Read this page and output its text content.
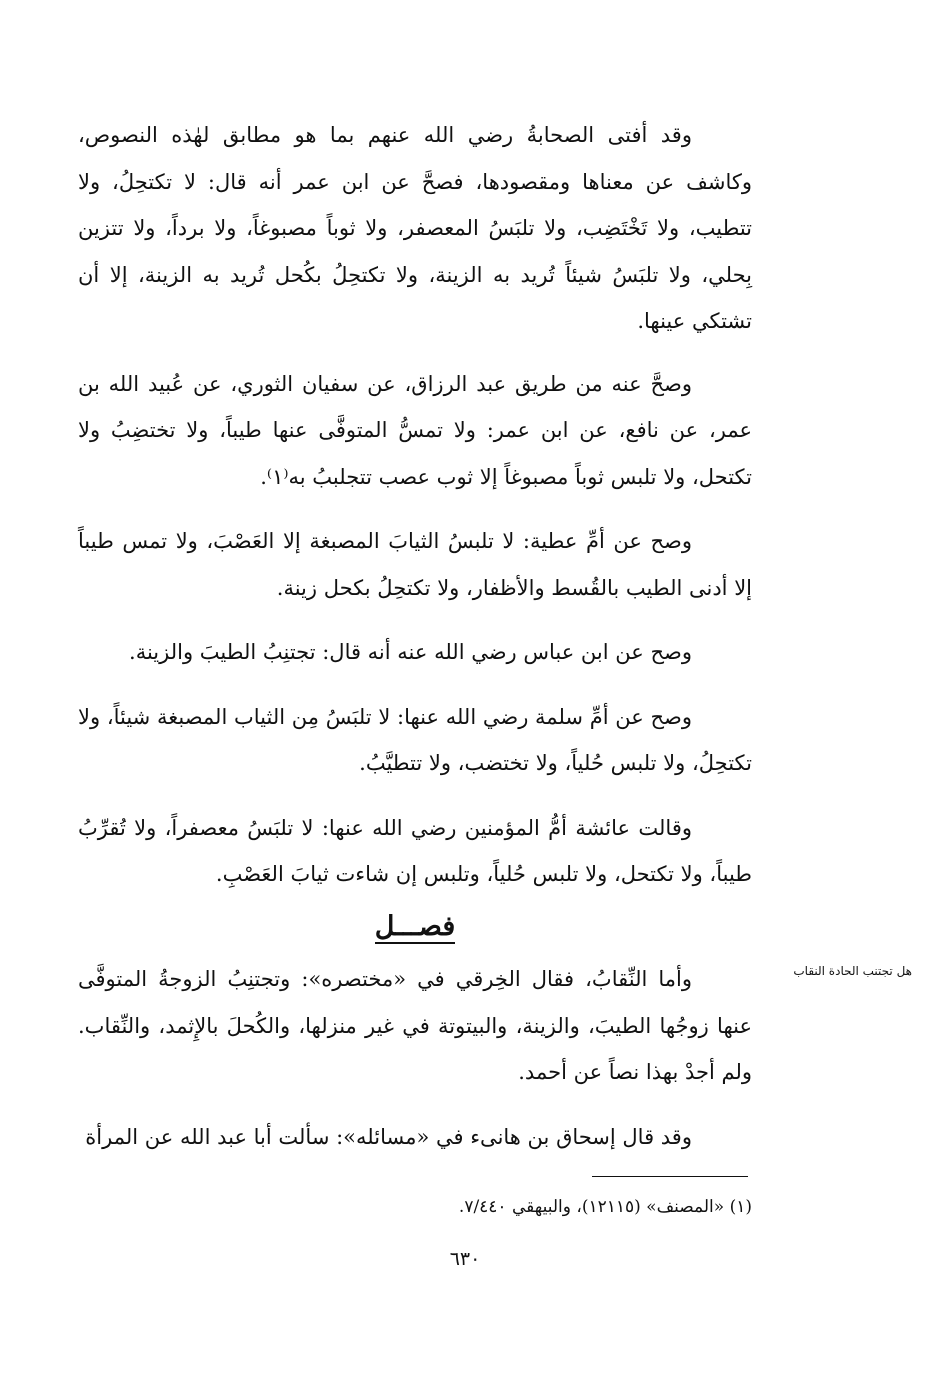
وقد أفتى الصحابةُ رضي الله عنهم بما هو مطابق لهٰذه النصوص، وكاشف عن معناها ومقصودها، فصحَّ عن ابن عمر أنه قال: لا تكتحِلُ، ولا تتطيب، ولا تَخْتَضِب، ولا تلبَسُ المعصفر، ولا ثوباً مصبوغاً، ولا برداً، ولا تتزين بِحلي، ولا تلبَسُ شيئاً تُريد به الزينة، ولا تكتحِلُ بكُحل تُريد به الزينة، إلا أن تشتكي عينها.

وصحَّ عنه من طريق عبد الرزاق، عن سفيان الثوري، عن عُبيد الله بن عمر، عن نافع، عن ابن عمر: ولا تمسُّ المتوفَّى عنها طيباً، ولا تختضِبُ ولا تكتحل، ولا تلبس ثوباً مصبوغاً إلا ثوب عصب تتجلببُ به⁽١⁾.

وصح عن أمِّ عطية: لا تلبسُ الثيابَ المصبغة إلا العَصْبَ، ولا تمس طيباً إلا أدنى الطيب بالقُسط والأظفار، ولا تكتحِلُ بكحل زينة.

وصح عن ابن عباس رضي الله عنه أنه قال: تجتنِبُ الطيبَ والزينة.

وصح عن أمِّ سلمة رضي الله عنها: لا تلبَسُ مِن الثياب المصبغة شيئاً، ولا تكتحِلُ، ولا تلبس حُلياً، ولا تختضب، ولا تتطيَّبُ.

وقالت عائشة أمُّ المؤمنين رضي الله عنها: لا تلبَسُ معصفراً، ولا تُقرِّبُ طيباً، ولا تكتحل، ولا تلبس حُلياً، وتلبس إن شاءت ثيابَ العَصْبِ.

فصـــل
هل تجتنب الحادة النقاب

وأما النِّقابُ، فقال الخِرقي في «مختصره»: وتجتنِبُ الزوجةُ المتوفَّى عنها زوجُها الطيبَ، والزينة، والبيتوتة في غير منزلها، والكُحلَ بالإِثمد، والنِّقاب. ولم أجدْ بهذا نصاً عن أحمد.

وقد قال إسحاق بن هانىء في «مسائله»: سألت أبا عبد الله عن المرأة

(١) «المصنف» (١٢١١٥)، والبيهقي ٧/٤٤٠.
٦٣٠
